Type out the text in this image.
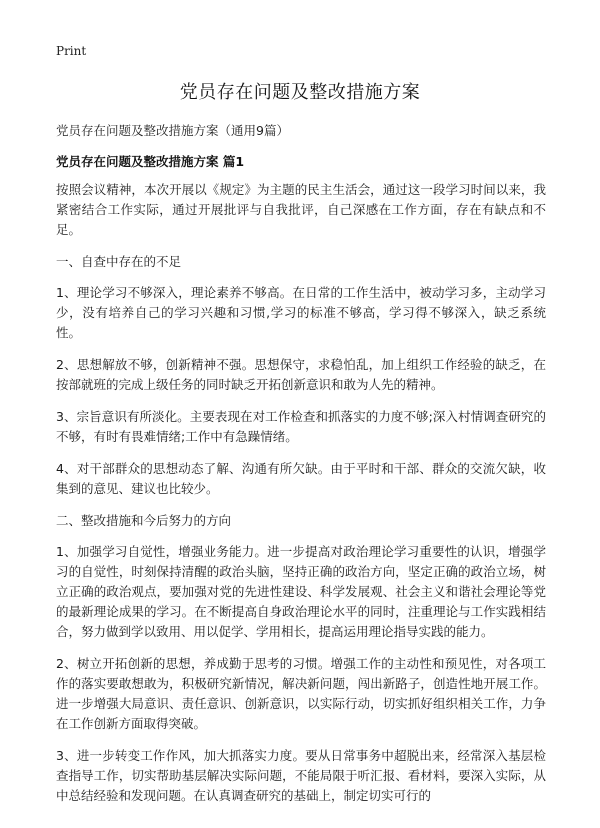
Print
党员存在问题及整改措施方案

党员存在问题及整改措施方案（通用9篇）

党员存在问题及整改措施方案 篇1

按照会议精神，本次开展以《规定》为主题的民主生活会，通过这一段学习时间以来，我紧密结合工作实际，通过开展批评与自我批评，自己深感在工作方面，存在有缺点和不足。

一、自查中存在的不足

1、理论学习不够深入，理论素养不够高。在日常的工作生活中，被动学习多，主动学习少，没有培养自己的学习兴趣和习惯,学习的标准不够高，学习得不够深入，缺乏系统性。

2、思想解放不够，创新精神不强。思想保守，求稳怕乱，加上组织工作经验的缺乏，在按部就班的完成上级任务的同时缺乏开拓创新意识和敢为人先的精神。

3、宗旨意识有所淡化。主要表现在对工作检查和抓落实的力度不够;深入村情调查研究的不够，有时有畏难情绪;工作中有急躁情绪。

4、对干部群众的思想动态了解、沟通有所欠缺。由于平时和干部、群众的交流欠缺，收集到的意见、建议也比较少。

二、整改措施和今后努力的方向

1、加强学习自觉性，增强业务能力。进一步提高对政治理论学习重要性的认识，增强学习的自觉性，时刻保持清醒的政治头脑，坚持正确的政治方向，坚定正确的政治立场，树立正确的政治观点，要加强对党的先进性建设、科学发展观、社会主义和谐社会理论等党的最新理论成果的学习。在不断提高自身政治理论水平的同时，注重理论与工作实践相结合，努力做到学以致用、用以促学、学用相长，提高运用理论指导实践的能力。

2、树立开拓创新的思想，养成勤于思考的习惯。增强工作的主动性和预见性，对各项工作的落实要敢想敢为，积极研究新情况，解决新问题，闯出新路子，创造性地开展工作。进一步增强大局意识、责任意识、创新意识，以实际行动，切实抓好组织相关工作，力争在工作创新方面取得突破。

3、进一步转变工作作风，加大抓落实力度。要从日常事务中超脱出来，经常深入基层检查指导工作，切实帮助基层解决实际问题，不能局限于听汇报、看材料，要深入实际，从中总结经验和发现问题。在认真调查研究的基础上，制定切实可行的
